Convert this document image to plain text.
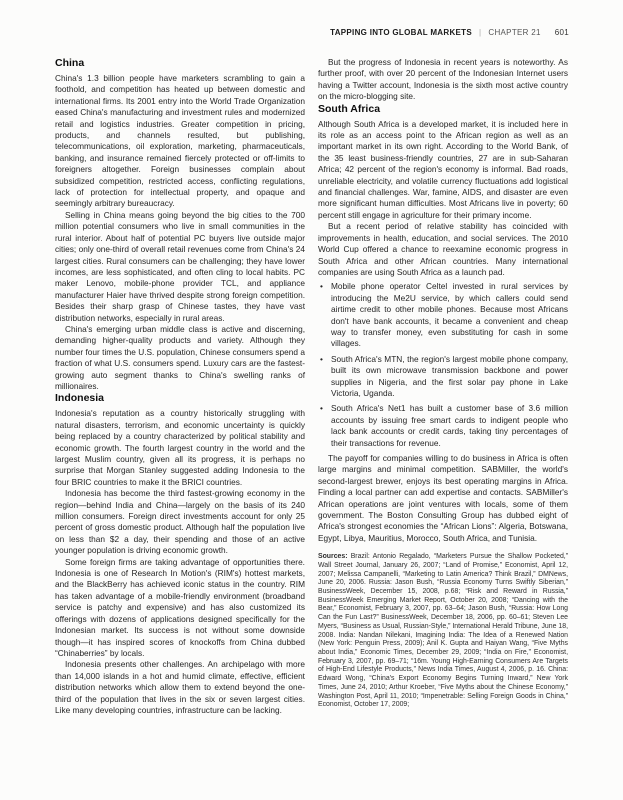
TAPPING INTO GLOBAL MARKETS | CHAPTER 21 601
China

China's 1.3 billion people have marketers scrambling to gain a foothold, and competition has heated up between domestic and international firms. Its 2001 entry into the World Trade Organization eased China's manufacturing and investment rules and modernized retail and logistics industries. Greater competition in pricing, products, and channels resulted, but publishing, telecommunications, oil exploration, marketing, pharmaceuticals, banking, and insurance remained fiercely protected or off-limits to foreigners altogether. Foreign businesses complain about subsidized competition, restricted access, conflicting regulations, lack of protection for intellectual property, and opaque and seemingly arbitrary bureaucracy.

Selling in China means going beyond the big cities to the 700 million potential consumers who live in small communities in the rural interior. About half of potential PC buyers live outside major cities; only one-third of overall retail revenues come from China's 24 largest cities. Rural consumers can be challenging; they have lower incomes, are less sophisticated, and often cling to local habits. PC maker Lenovo, mobile-phone provider TCL, and appliance manufacturer Haier have thrived despite strong foreign competition. Besides their sharp grasp of Chinese tastes, they have vast distribution networks, especially in rural areas.

China's emerging urban middle class is active and discerning, demanding higher-quality products and variety. Although they number four times the U.S. population, Chinese consumers spend a fraction of what U.S. consumers spend. Luxury cars are the fastest-growing auto segment thanks to China's swelling ranks of millionaires.

Indonesia

Indonesia's reputation as a country historically struggling with natural disasters, terrorism, and economic uncertainty is quickly being replaced by a country characterized by political stability and economic growth. The fourth largest country in the world and the largest Muslim country, given all its progress, it is perhaps no surprise that Morgan Stanley suggested adding Indonesia to the four BRIC countries to make it the BRICI countries.

Indonesia has become the third fastest-growing economy in the region—behind India and China—largely on the basis of its 240 million consumers. Foreign direct investments account for only 25 percent of gross domestic product. Although half the population live on less than $2 a day, their spending and those of an active younger population is driving economic growth.

Some foreign firms are taking advantage of opportunities there. Indonesia is one of Research In Motion's (RIM's) hottest markets, and the BlackBerry has achieved iconic status in the country. RIM has taken advantage of a mobile-friendly environment (broadband service is patchy and expensive) and has also customized its offerings with dozens of applications designed specifically for the Indonesian market. Its success is not without some downside though—it has inspired scores of knockoffs from China dubbed “Chinaberries” by locals.

Indonesia presents other challenges. An archipelago with more than 14,000 islands in a hot and humid climate, effective, efficient distribution networks which allow them to extend beyond the one-third of the population that lives in the six or seven largest cities. Like many developing countries, infrastructure can be lacking.

But the progress of Indonesia in recent years is noteworthy. As further proof, with over 20 percent of the Indonesian Internet users having a Twitter account, Indonesia is the sixth most active country on the micro-blogging site.

South Africa

Although South Africa is a developed market, it is included here in its role as an access point to the African region as well as an important market in its own right. According to the World Bank, of the 35 least business-friendly countries, 27 are in sub-Saharan Africa; 42 percent of the region's economy is informal. Bad roads, unreliable electricity, and volatile currency fluctuations add logistical and financial challenges. War, famine, AIDS, and disaster are even more significant human difficulties. Most Africans live in poverty; 60 percent still engage in agriculture for their primary income.

But a recent period of relative stability has coincided with improvements in health, education, and social services. The 2010 World Cup offered a chance to reexamine economic progress in South Africa and other African countries. Many international companies are using South Africa as a launch pad.

• Mobile phone operator Celtel invested in rural services by introducing the Me2U service, by which callers could send airtime credit to other mobile phones. Because most Africans don't have bank accounts, it became a convenient and cheap way to transfer money, even substituting for cash in some villages.
• South Africa's MTN, the region's largest mobile phone company, built its own microwave transmission backbone and power supplies in Nigeria, and the first solar pay phone in Lake Victoria, Uganda.
• South Africa's Net1 has built a customer base of 3.6 million accounts by issuing free smart cards to indigent people who lack bank accounts or credit cards, taking tiny percentages of their transactions for revenue.

The payoff for companies willing to do business in Africa is often large margins and minimal competition. SABMiller, the world's second-largest brewer, enjoys its best operating margins in Africa. Finding a local partner can add expertise and contacts. SABMiller's African operations are joint ventures with locals, some of them government. The Boston Consulting Group has dubbed eight of Africa's strongest economies the “African Lions”: Algeria, Botswana, Egypt, Libya, Mauritius, Morocco, South Africa, and Tunisia.

Sources: Brazil: Antonio Regalado, “Marketers Pursue the Shallow Pocketed,” Wall Street Journal, January 26, 2007; “Land of Promise,” Economist, April 12, 2007; Melissa Campanelli, “Marketing to Latin America? Think Brazil,” DMNews, June 20, 2006. Russia: Jason Bush, “Russia Economy Turns Swiftly Siberian,” BusinessWeek, December 15, 2008, p.68; “Risk and Reward in Russia,” BusinessWeek Emerging Market Report, October 20, 2008; “Dancing with the Bear,” Economist, February 3, 2007, pp. 63–64; Jason Bush, “Russia: How Long Can the Fun Last?” BusinessWeek, December 18, 2006, pp. 60–61; Steven Lee Myers, “Business as Usual, Russian-Style,” International Herald Tribune, June 18, 2008. India: Nandan Nilekani, Imagining India: The Idea of a Renewed Nation (New York: Penguin Press, 2009); Anil K. Gupta and Haiyan Wang, “Five Myths about India,” Economic Times, December 29, 2009; “India on Fire,” Economist, February 3, 2007, pp. 69–71; “16m. Young High-Earning Consumers Are Targets of High-End Lifestyle Products,” News India Times, August 4, 2006, p. 16. China: Edward Wong, “China's Export Economy Begins Turning Inward,” New York Times, June 24, 2010; Arthur Kroeber, “Five Myths about the Chinese Economy,” Washington Post, April 11, 2010; “Impenetrable: Selling Foreign Goods in China,” Economist, October 17, 2009;
